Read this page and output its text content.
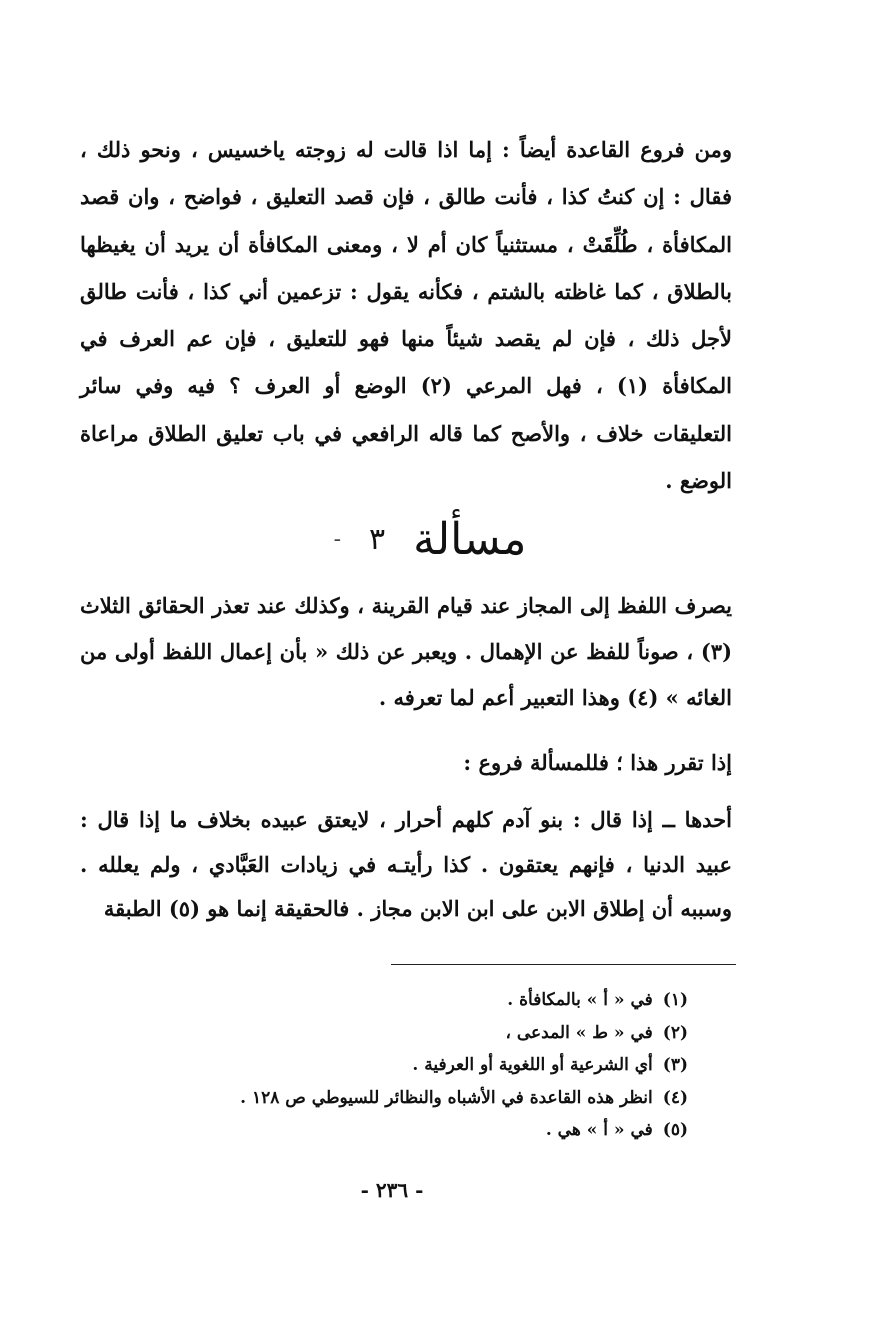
ومن فروع القاعدة أيضاً : إما اذا قالت له زوجته ياخسيس ، ونحو ذلك ، فقال : إن كنتُ كذا ، فأنت طالق ، فإن قصد التعليق ، فواضح ، وان قصد المكافأة ، طُلِّقَتْ ، مستثنياً كان أم لا ، ومعنى المكافأة أن يريد أن يغيظها بالطلاق ، كما غاظته بالشتم ، فكأنه يقول : تزعمين أني كذا ، فأنت طالق لأجل ذلك ، فإن لم يقصد شيئاً منها فهو للتعليق ، فإن عم العرف في المكافأة (١) ، فهل المرعي (٢) الوضع أو العرف ؟ فيه وفي سائر التعليقات خلاف ، والأصح كما قاله الرافعي في باب تعليق الطلاق مراعاة الوضع .

مسألة
٣
-

يصرف اللفظ إلى المجاز عند قيام القرينة ، وكذلك عند تعذر الحقائق الثلاث (٣) ، صوناً للفظ عن الإهمال . ويعبر عن ذلك « بأن إعمال اللفظ أولى من الغائه » (٤) وهذا التعبير أعم لما تعرفه .

إذا تقرر هذا ؛ فللمسألة فروع :

أحدها ــ إذا قال : بنو آدم كلهم أحرار ، لايعتق عبيده بخلاف ما إذا قال : عبيد الدنيا ، فإنهم يعتقون . كذا رأيتـه في زيادات العَبَّادي ، ولم يعلله . وسببه أن إطلاق الابن على ابن الابن مجاز . فالحقيقة إنما هو (٥) الطبقة

(١)في « أ » بالمكافأة .
(٢)في « ط » المدعى ،
(٣)أي الشرعية أو اللغوية أو العرفية .
(٤)انظر هذه القاعدة في الأشباه والنظائر للسيوطي ص ١٢٨ .
(٥)في « أ » هي .
- ٢٣٦ -
